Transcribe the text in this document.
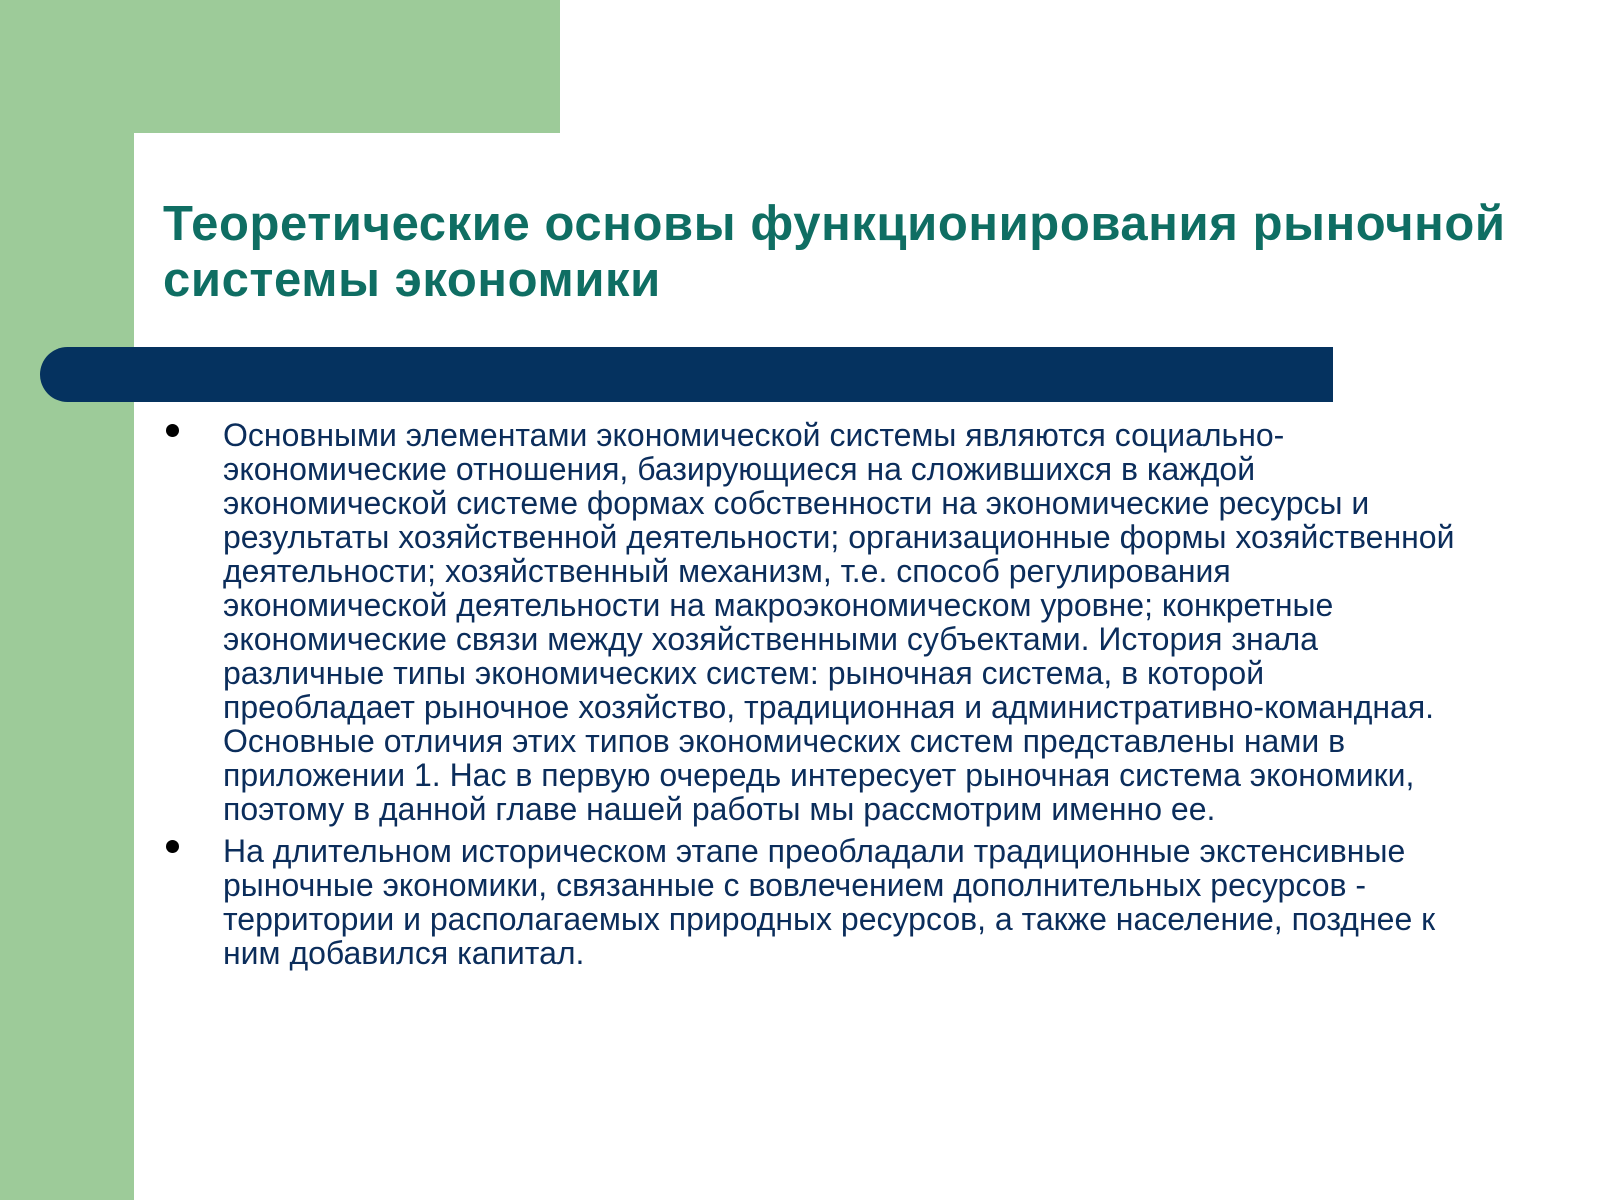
Теоретические основы функционирования рыночной системы экономики
Основными элементами экономической системы являются социально-экономические отношения, базирующиеся на сложившихся в каждой экономической системе формах собственности на экономические ресурсы и результаты хозяйственной деятельности; организационные формы хозяйственной деятельности; хозяйственный механизм, т.е. способ регулирования экономической деятельности на макроэкономическом уровне; конкретные экономические связи между хозяйственными субъектами. История знала различные типы экономических систем: рыночная система, в которой преобладает рыночное хозяйство, традиционная и административно-командная. Основные отличия этих типов экономических систем представлены нами в приложении 1. Нас в первую очередь интересует рыночная система экономики, поэтому в данной главе нашей работы мы рассмотрим именно ее.
На длительном историческом этапе преобладали традиционные экстенсивные рыночные экономики, связанные с вовлечением дополнительных ресурсов - территории и располагаемых природных ресурсов, а также население, позднее к ним добавился капитал.
